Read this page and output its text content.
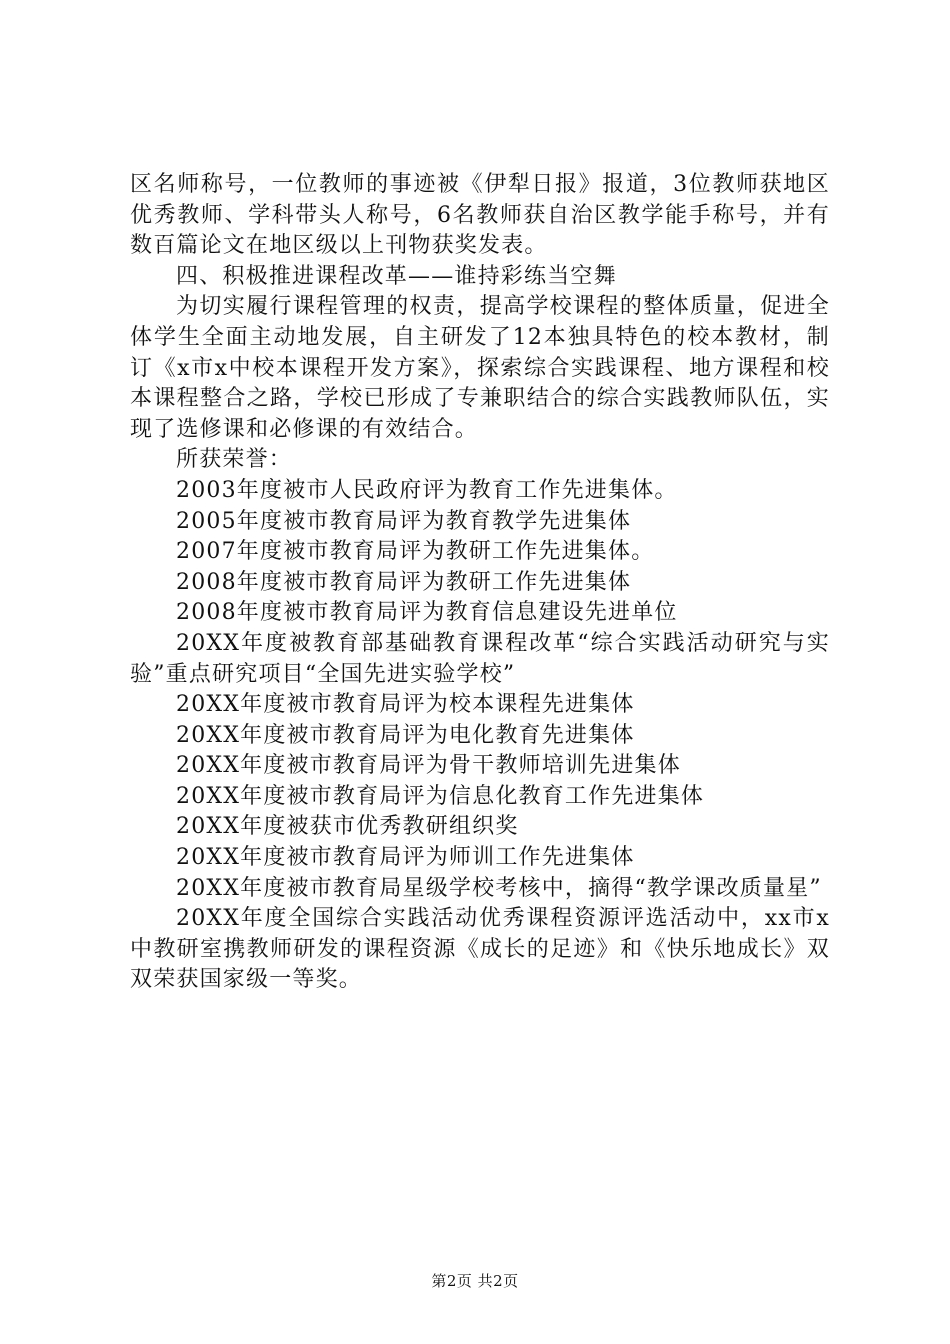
区名师称号，一位教师的事迹被《伊犁日报》报道，3位教师获地区优秀教师、学科带头人称号，6名教师获自治区教学能手称号，并有数百篇论文在地区级以上刊物获奖发表。

四、积极推进课程改革——谁持彩练当空舞

为切实履行课程管理的权责，提高学校课程的整体质量，促进全体学生全面主动地发展，自主研发了12本独具特色的校本教材，制订《x市x中校本课程开发方案》，探索综合实践课程、地方课程和校本课程整合之路，学校已形成了专兼职结合的综合实践教师队伍，实现了选修课和必修课的有效结合。

所获荣誉：

2003年度被市人民政府评为教育工作先进集体。

2005年度被市教育局评为教育教学先进集体

2007年度被市教育局评为教研工作先进集体。

2008年度被市教育局评为教研工作先进集体

2008年度被市教育局评为教育信息建设先进单位

20XX年度被教育部基础教育课程改革“综合实践活动研究与实验”重点研究项目“全国先进实验学校”

20XX年度被市教育局评为校本课程先进集体

20XX年度被市教育局评为电化教育先进集体

20XX年度被市教育局评为骨干教师培训先进集体

20XX年度被市教育局评为信息化教育工作先进集体

20XX年度被获市优秀教研组织奖

20XX年度被市教育局评为师训工作先进集体

20XX年度被市教育局星级学校考核中，摘得“教学课改质量星”

20XX年度全国综合实践活动优秀课程资源评选活动中，xx市x中教研室携教师研发的课程资源《成长的足迹》和《快乐地成长》双双荣获国家级一等奖。

第2页 共2页
